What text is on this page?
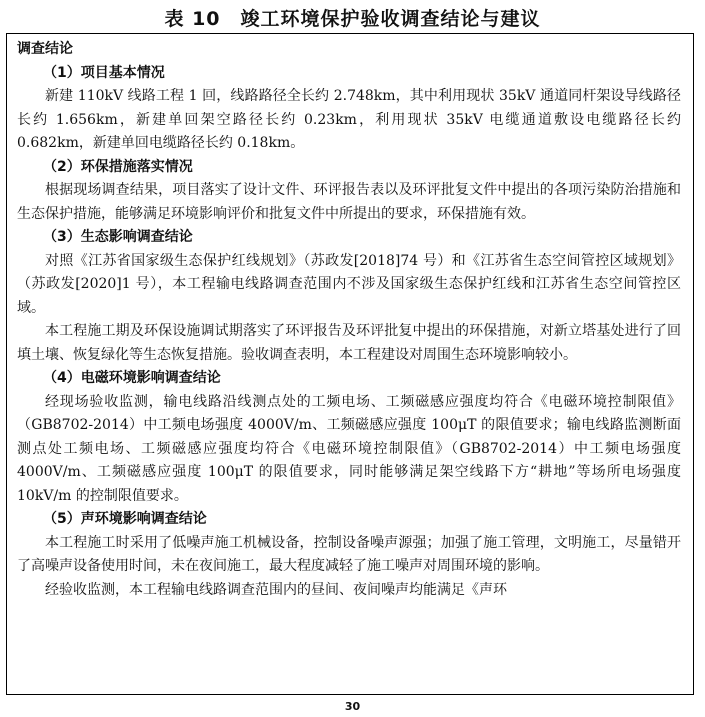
表 10　竣工环境保护验收调查结论与建议
调查结论
（1）项目基本情况

新建 110kV 线路工程 1 回，线路路径全长约 2.748km，其中利用现状 35kV 通道同杆架设导线路径长约 1.656km，新建单回架空路径长约 0.23km，利用现状 35kV 电缆通道敷设电缆路径长约 0.682km，新建单回电缆路径长约 0.18km。

（2）环保措施落实情况

根据现场调查结果，项目落实了设计文件、环评报告表以及环评批复文件中提出的各项污染防治措施和生态保护措施，能够满足环境影响评价和批复文件中所提出的要求，环保措施有效。

（3）生态影响调查结论

对照《江苏省国家级生态保护红线规划》（苏政发[2018]74 号）和《江苏省生态空间管控区域规划》（苏政发[2020]1 号），本工程输电线路调查范围内不涉及国家级生态保护红线和江苏省生态空间管控区域。

本工程施工期及环保设施调试期落实了环评报告及环评批复中提出的环保措施，对新立塔基处进行了回填土壤、恢复绿化等生态恢复措施。验收调查表明，本工程建设对周围生态环境影响较小。

（4）电磁环境影响调查结论

经现场验收监测，输电线路沿线测点处的工频电场、工频磁感应强度均符合《电磁环境控制限值》（GB8702-2014）中工频电场强度 4000V/m、工频磁感应强度 100μT 的限值要求；输电线路监测断面测点处工频电场、工频磁感应强度均符合《电磁环境控制限值》（GB8702-2014）中工频电场强度 4000V/m、工频磁感应强度 100μT 的限值要求，同时能够满足架空线路下方“耕地”等场所电场强度 10kV/m 的控制限值要求。

（5）声环境影响调查结论

本工程施工时采用了低噪声施工机械设备，控制设备噪声源强；加强了施工管理，文明施工，尽量错开了高噪声设备使用时间，未在夜间施工，最大程度减轻了施工噪声对周围环境的影响。

经验收监测，本工程输电线路调查范围内的昼间、夜间噪声均能满足《声环

30
